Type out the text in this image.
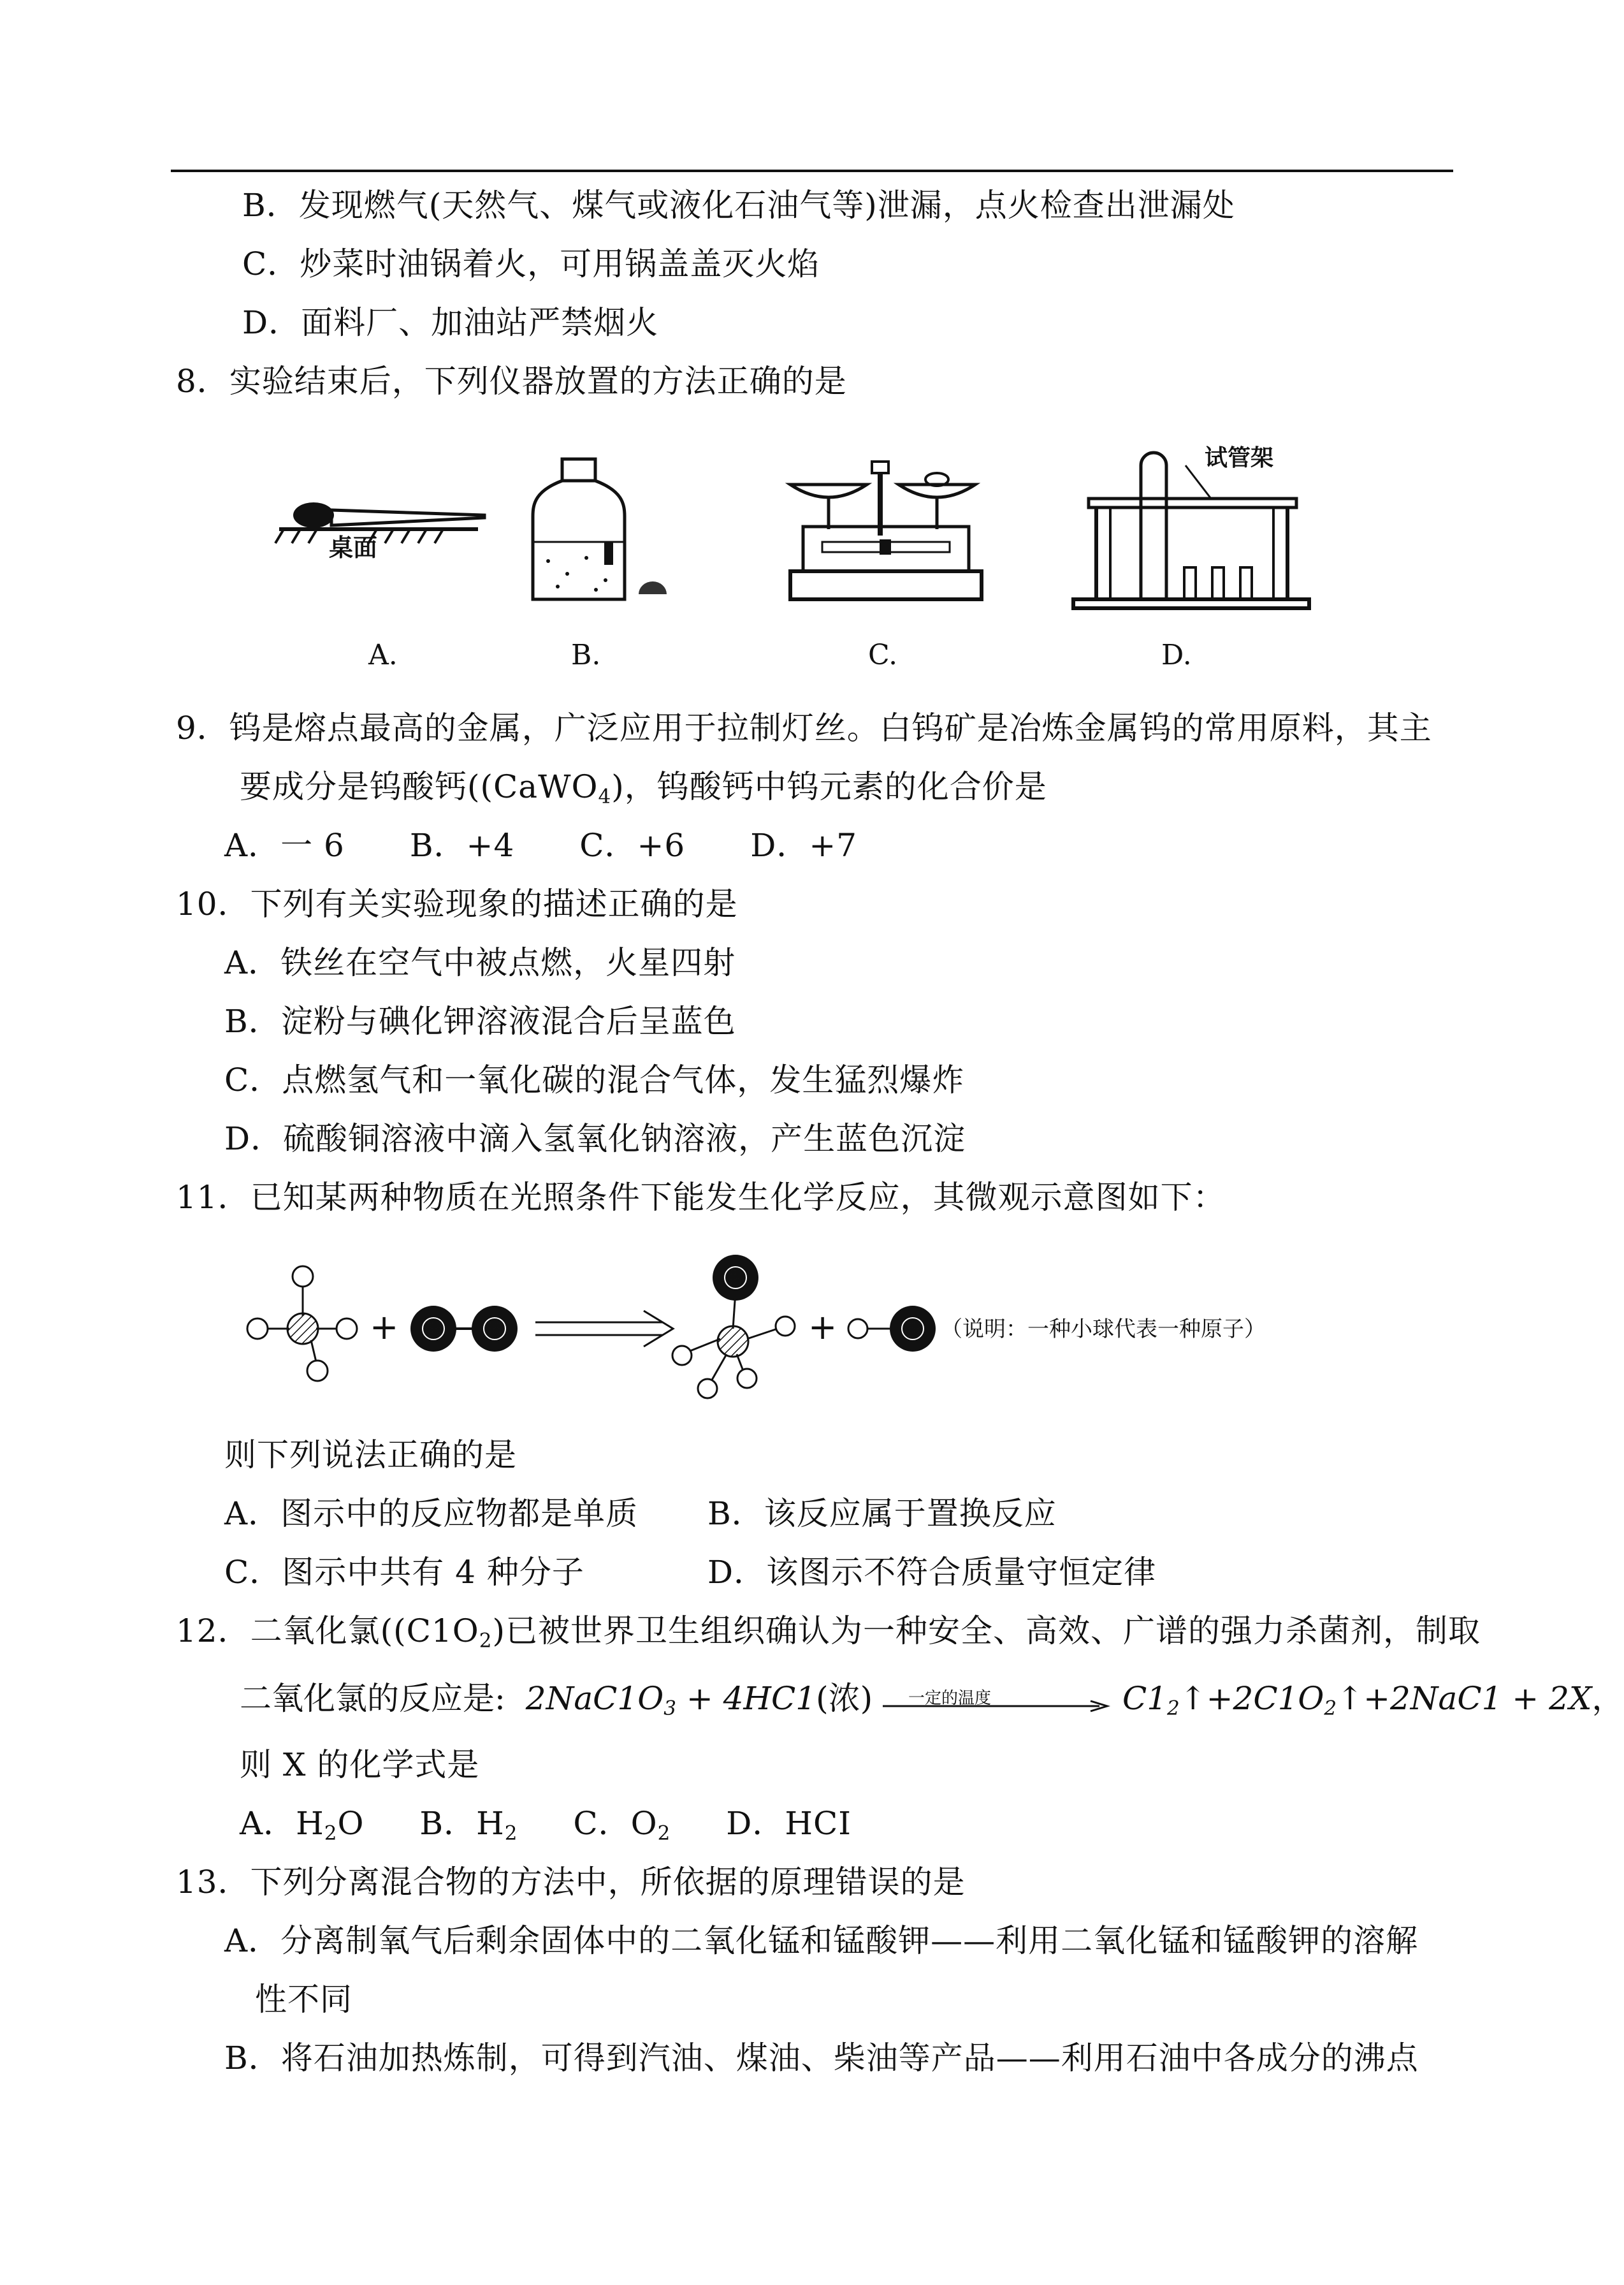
B．发现燃气(天然气、煤气或液化石油气等)泄漏，点火检查出泄漏处
C．炒菜时油锅着火，可用锅盖盖灭火焰
D．面料厂、加油站严禁烟火
8．实验结束后，下列仪器放置的方法正确的是
桌面
试管架
A.	B.	C.	D.
9．钨是熔点最高的金属，广泛应用于拉制灯丝。白钨矿是冶炼金属钨的常用原料，其主
要成分是钨酸钙((CaWO$_4$)，钨酸钙中钨元素的化合价是
A．一 6　　B．+4　　C．+6　　D．+7
10．下列有关实验现象的描述正确的是
A．铁丝在空气中被点燃，火星四射
B．淀粉与碘化钾溶液混合后呈蓝色
C．点燃氢气和一氧化碳的混合气体，发生猛烈爆炸
D．硫酸铜溶液中滴入氢氧化钠溶液，产生蓝色沉淀
11．已知某两种物质在光照条件下能发生化学反应，其微观示意图如下：
+	+	（说明：一种小球代表一种原子）
则下列说法正确的是
A．图示中的反应物都是单质 B．该反应属于置换反应
C．图示中共有 4 种分子	D．该图示不符合质量守恒定律
12．二氧化氯($(C1O_2)$已被世界卫生组织确认为一种安全、高效、广谱的强力杀菌剂，制取
二氧化氯的反应是: $2NaC1O_3 + 4HC1$(浓) 一定的温度	$C1_2↑+2C1O_2↑+2NaC1 + 2X$，
则 X 的化学式是
A．$H_2O$ B．$H_2$ C．$O_2$ D．HCI
13．下列分离混合物的方法中，所依据的原理错误的是
A．分离制氧气后剩余固体中的二氧化锰和锰酸钾——利用二氧化锰和锰酸钾的溶解
性不同
B．将石油加热炼制，可得到汽油、煤油、柴油等产品——利用石油中各成分的沸点
